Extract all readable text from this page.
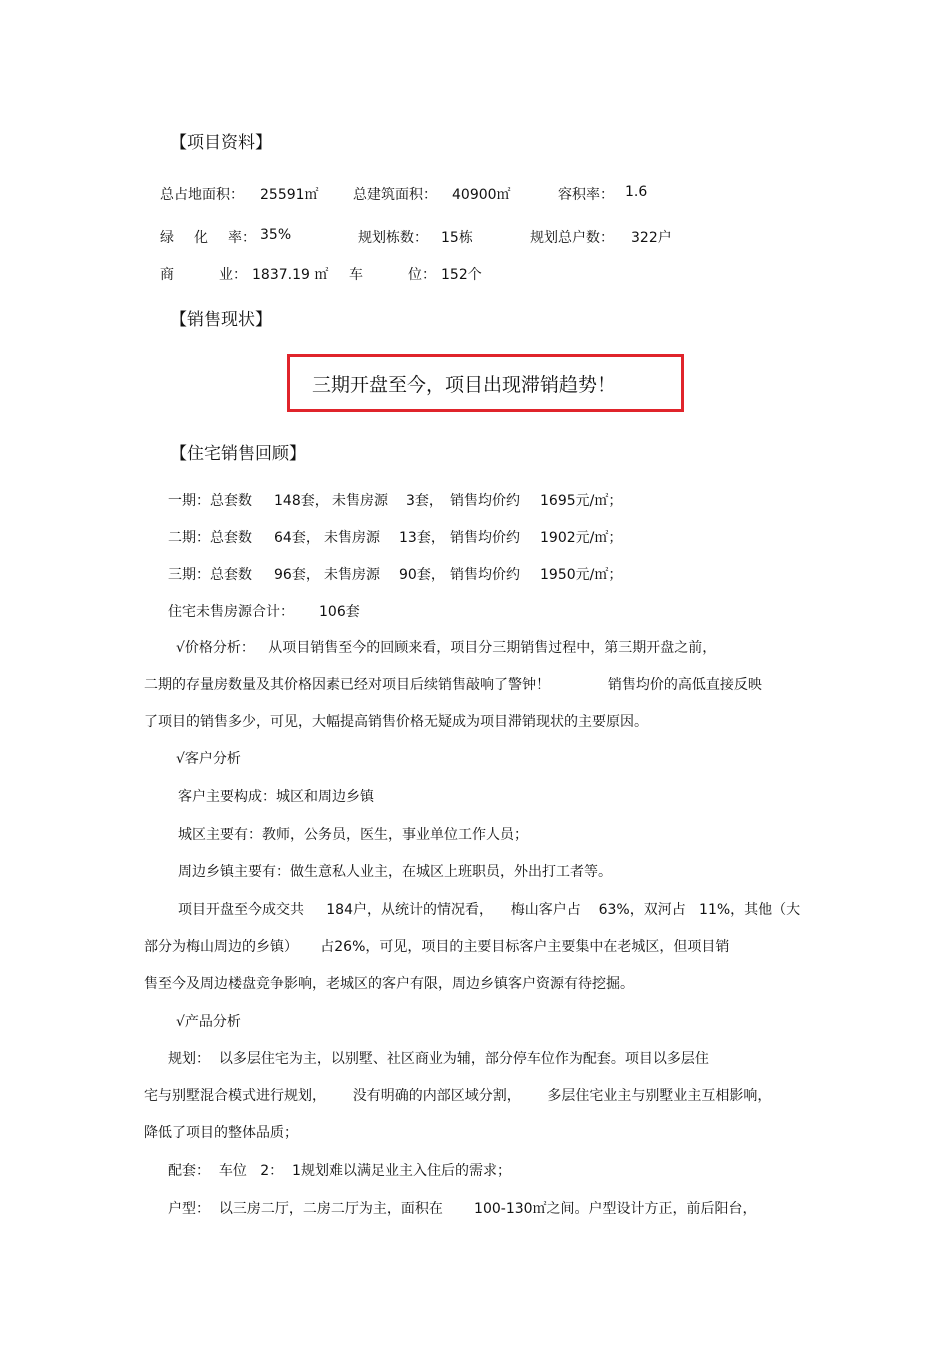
【项目资料】
总占地面积： 25591㎡ 总建筑面积： 40900㎡	容积率： 1.6
绿 化 率： 35%	规划栋数： 15栋	规划总户数： 322户
商	业： 1837.19 ㎡ 车	位： 152个
【销售现状】
三期开盘至今，项目出现滞销趋势！
【住宅销售回顾】
一期：总套数 148套， 未售房源 3套， 销售均价约 1695元/㎡；
二期：总套数 64套， 未售房源 13套， 销售均价约 1902元/㎡；
三期：总套数 96套， 未售房源 90套， 销售均价约 1950元/㎡；
住宅未售房源合计： 106套
√价格分析：   从项目销售至今的回顾来看，项目分三期销售过程中，第三期开盘之前，
二期的存量房数量及其价格因素已经对项目后续销售敲响了警钟！             销售均价的高低直接反映
了项目的销售多少，可见，大幅提高销售价格无疑成为项目滞销现状的主要原因。
√客户分析
客户主要构成：城区和周边乡镇
城区主要有：教师，公务员，医生，事业单位工作人员；
周边乡镇主要有：做生意私人业主，在城区上班职员，外出打工者等。
项目开盘至今成交共     184户，从统计的情况看，    梅山客户占    63%，双河占   11%，其他（大
部分为梅山周边的乡镇）     占26%，可见，项目的主要目标客户主要集中在老城区，但项目销
售至今及周边楼盘竞争影响，老城区的客户有限，周边乡镇客户资源有待挖掘。
√产品分析
规划：  以多层住宅为主，以别墅、社区商业为辅，部分停车位作为配套。项目以多层住
宅与别墅混合模式进行规划，      没有明确的内部区域分割，      多层住宅业主与别墅业主互相影响，
降低了项目的整体品质；
配套：  车位   2：  1规划难以满足业主入住后的需求；
户型：  以三房二厅，二房二厅为主，面积在       100-130㎡之间。户型设计方正，前后阳台，
